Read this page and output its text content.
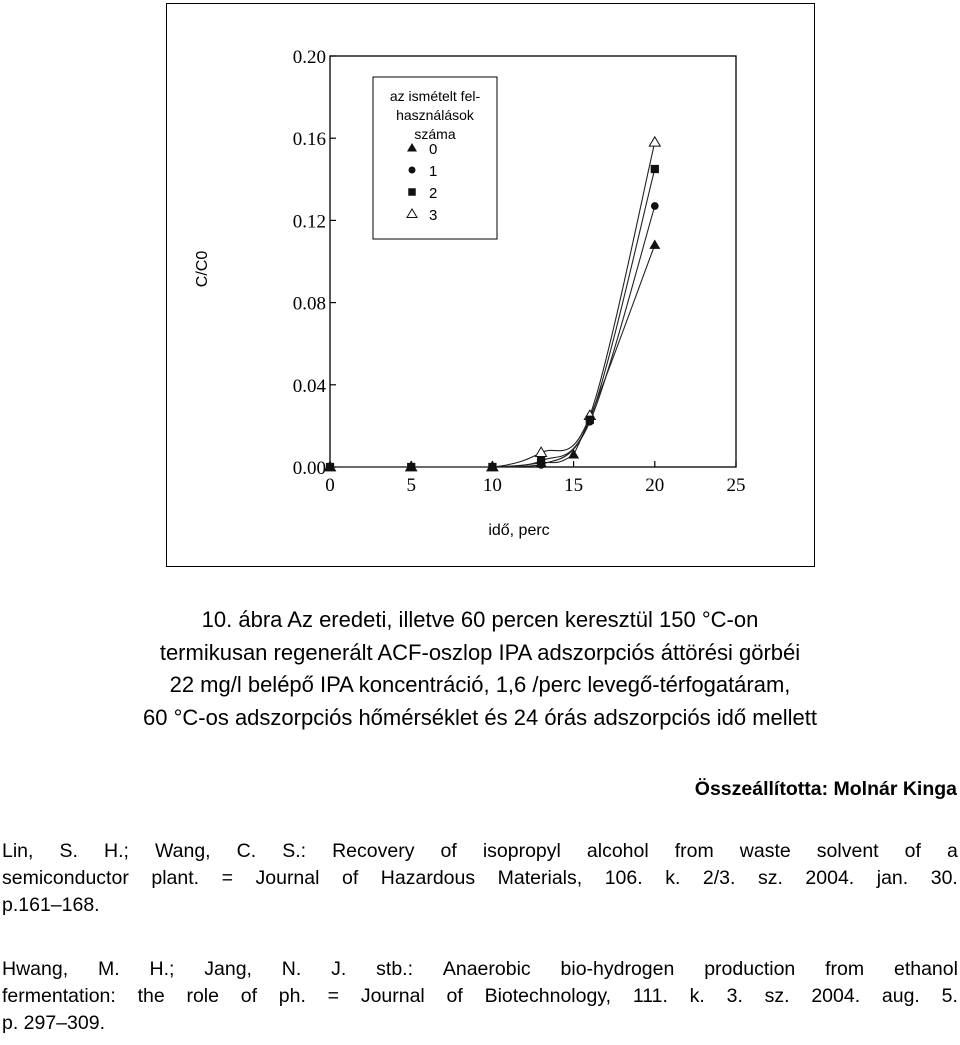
0.00
0.04
0.08
0.12
0.16
0.20
0	5	10	15	20	25
C/C0
idő, perc
az ismételt fel-
használások
száma
0
1
2
3
10. ábra Az eredeti, illetve 60 percen keresztül 150 °C-on
termikusan regenerált ACF-oszlop IPA adszorpciós áttörési görbéi
22 mg/l belépő IPA koncentráció, 1,6 /perc levegő-térfogatáram,
60 °C-os adszorpciós hőmérséklet és 24 órás adszorpciós idő mellett
Összeállította: Molnár Kinga
Lin, S. H.; Wang, C. S.: Recovery of isopropyl alcohol from waste solvent of a
semiconductor plant. = Journal of Hazardous Materials, 106. k. 2/3. sz. 2004. jan. 30.
p.161–168.
Hwang, M. H.; Jang, N. J. stb.: Anaerobic bio-hydrogen production from ethanol
fermentation: the role of ph. = Journal of Biotechnology, 111. k. 3. sz. 2004. aug. 5.
p. 297–309.
